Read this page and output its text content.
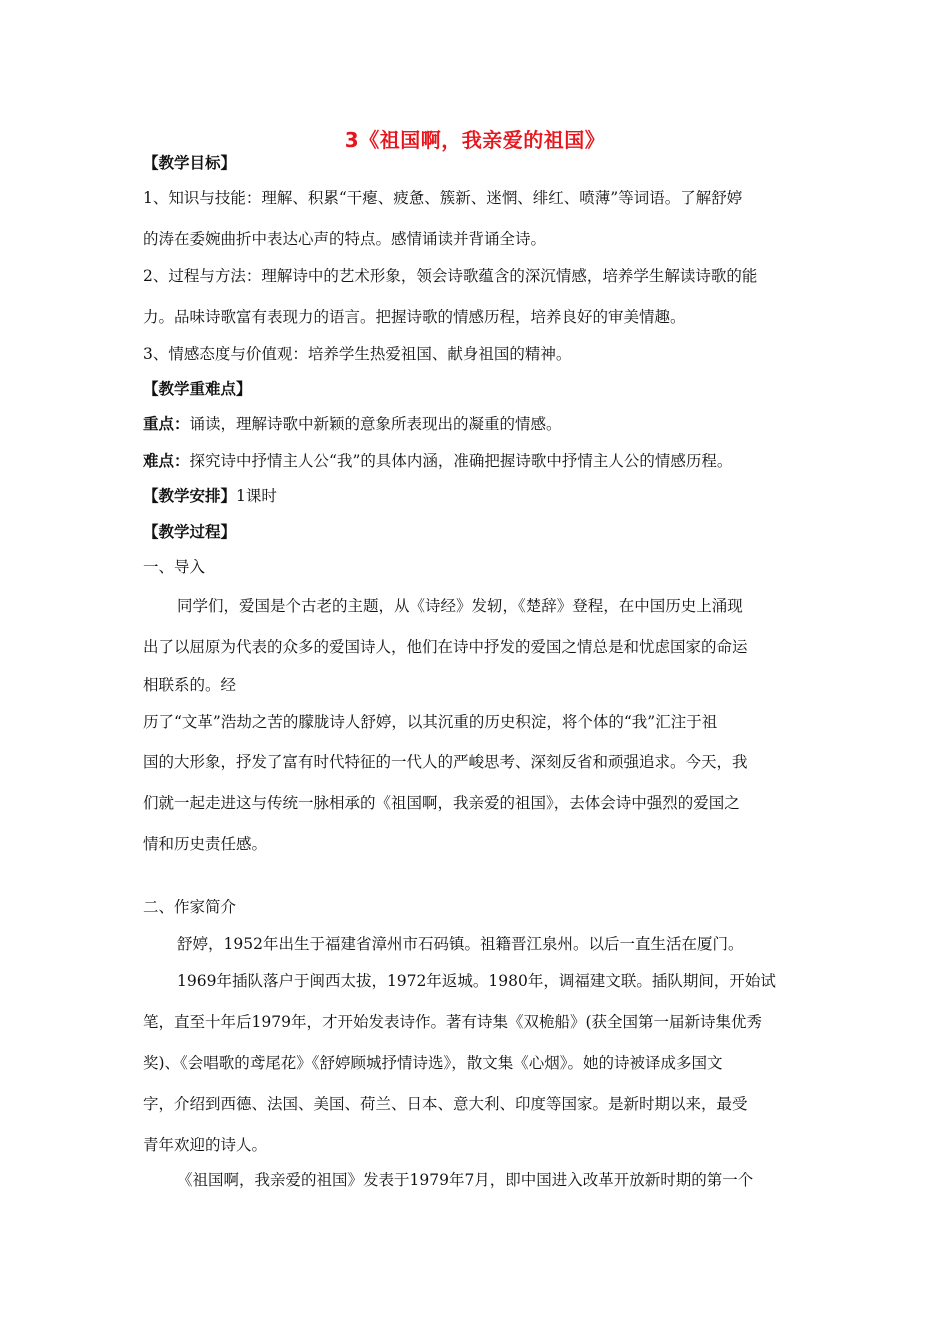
3《祖国啊，我亲爱的祖国》
【教学目标】
1、知识与技能：理解、积累“干瘪、疲惫、簇新、迷惘、绯红、喷薄”等词语。了解舒婷
的涛在委婉曲折中表达心声的特点。感情诵读并背诵全诗。
2、过程与方法：理解诗中的艺术形象，领会诗歌蕴含的深沉情感，培养学生解读诗歌的能
力。品味诗歌富有表现力的语言。把握诗歌的情感历程，培养良好的审美情趣。
3、情感态度与价值观：培养学生热爱祖国、献身祖国的精神。
【教学重难点】
重点：诵读，理解诗歌中新颖的意象所表现出的凝重的情感。
难点：探究诗中抒情主人公“我”的具体内涵，准确把握诗歌中抒情主人公的情感历程。
【教学安排】1课时
【教学过程】
一、导入
同学们，爱国是个古老的主题，从《诗经》发轫，《楚辞》登程，在中国历史上涌现
出了以屈原为代表的众多的爱国诗人，他们在诗中抒发的爱国之情总是和忧虑国家的命运
相联系的。经
历了“文革”浩劫之苦的朦胧诗人舒婷，以其沉重的历史积淀，将个体的“我”汇注于祖
国的大形象，抒发了富有时代特征的一代人的严峻思考、深刻反省和顽强追求。今天，我
们就一起走进这与传统一脉相承的《祖国啊，我亲爱的祖国》，去体会诗中强烈的爱国之
情和历史责任感。
二、作家简介
舒婷，1952年出生于福建省漳州市石码镇。祖籍晋江泉州。以后一直生活在厦门。
1969年插队落户于闽西太拔，1972年返城。1980年，调福建文联。插队期间，开始试
笔，直至十年后1979年，才开始发表诗作。著有诗集《双桅船》(获全国第一届新诗集优秀
奖)、《会唱歌的鸢尾花》《舒婷顾城抒情诗选》，散文集《心烟》。她的诗被译成多国文
字，介绍到西德、法国、美国、荷兰、日本、意大利、印度等国家。是新时期以来，最受
青年欢迎的诗人。
《祖国啊，我亲爱的祖国》发表于1979年7月，即中国进入改革开放新时期的第一个
